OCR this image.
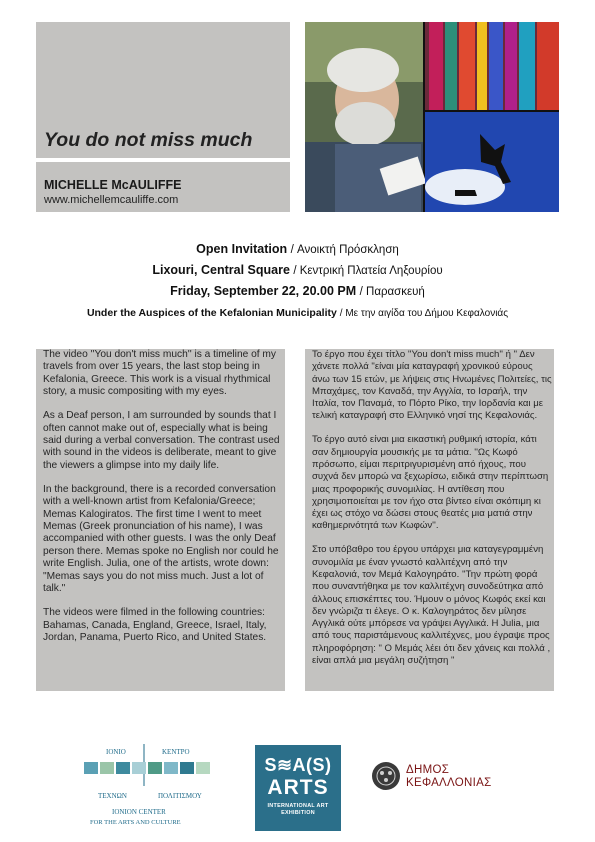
You do not miss much
MICHELLE McAULIFFE
www.michellemcauliffe.com
Open Invitation / Ανοικτή Πρόσκληση
Lixouri, Central Square / Κεντρική Πλατεία Ληξουρίου
Friday, September 22, 20.00 PM / Παρασκευή
Under the Auspices of the Kefalonian Municipality / Με την αιγίδα του Δήμου Κεφαλονιάς

The video ''You don't miss much'' is a timeline of my travels from over 15 years, the last stop being in Kefalonia, Greece. This work is a visual rhythmical story, a music compositing with my eyes.

As a Deaf person, I am surrounded by sounds that I often cannot make out of, especially what is being said during a verbal conversation. The contrast used with sound in the videos is deliberate, meant to give the viewers a glimpse into my daily life.

In the background, there is a recorded conversation with a well-known artist from Kefalonia/Greece; Memas Kalogiratos. The first time I went to meet Memas (Greek pronunciation of his name), I was accompanied with other guests. I was the only Deaf person there. Memas spoke no English nor could he write English. Julia, one of the artists, wrote down: "Memas says you do not miss much. Just a lot of talk."

The videos were filmed in the following countries: Bahamas, Canada, England, Greece, Israel, Italy, Jordan, Panama, Puerto Rico, and United States.

Το έργο που έχει τίτλο ''You don't miss much'' ή " Δεν χάνετε πολλά "είναι μία καταγραφή χρονικού εύρους άνω των 15 ετών, με λήψεις στις Ηνωμένες Πολιτείες, τις Μπαχάμες, τον Καναδά, την Αγγλία, το Ισραήλ, την Ιταλία, τον Παναμά, το Πόρτο Ρίκο, την Ιορδανία και με τελική καταγραφή στο Ελληνικό νησί της Κεφαλονιάς.

Το έργο αυτό είναι μια εικαστική ρυθμική ιστορία, κάτι σαν δημιουργία μουσικής με τα μάτια. ''Ως Κωφό πρόσωπο, είμαι περιτριγυρισμένη από ήχους, που συχνά δεν μπορώ να ξεχωρίσω, ειδικά στην περίπτωση μιας προφορικής συνομιλίας. Η αντίθεση που χρησιμοποιείται με τον ήχο στα βίντεο είναι σκόπιμη κι έχει ως στόχο να δώσει στους θεατές μια ματιά στην καθημερινότητά των Κωφών''.

Στο υπόβαθρο του έργου υπάρχει μια καταγεγραμμένη συνομιλία με έναν γνωστό καλλιτέχνη από την Κεφαλονιά, τον Μεμά Καλογηράτο. ''Την πρώτη φορά που συναντήθηκα με τον καλλιτέχνη συνοδεύτηκα από άλλους επισκέπτες του. Ήμουν ο μόνος Κωφός εκεί και δεν γνώριζα τι έλεγε. Ο κ. Καλογηράτος δεν μίλησε Αγγλικά ούτε μπόρεσε να γράψει Αγγλικά. Η Julia, μια από τους παριστάμενους καλλιτέχνες, μου έγραψε προς πληροφόρηση: " Ο Μεμάς λέει ότι δεν χάνεις και πολλά , είναι απλά μια μεγάλη συζήτηση "

ΙΟΝΙΟ	ΚΕΝΤΡΟ
ΤΕΧΝΩΝ	ΠΟΛΙΤΙΣΜΟΥ
IONION CENTER
FOR THE ARTS AND CULTURE
S≋A(S)
ARTS
INTERNATIONAL ART EXHIBITION
ΔΗΜΟΣ
ΚΕΦΑΛΛΟΝΙΑΣ
